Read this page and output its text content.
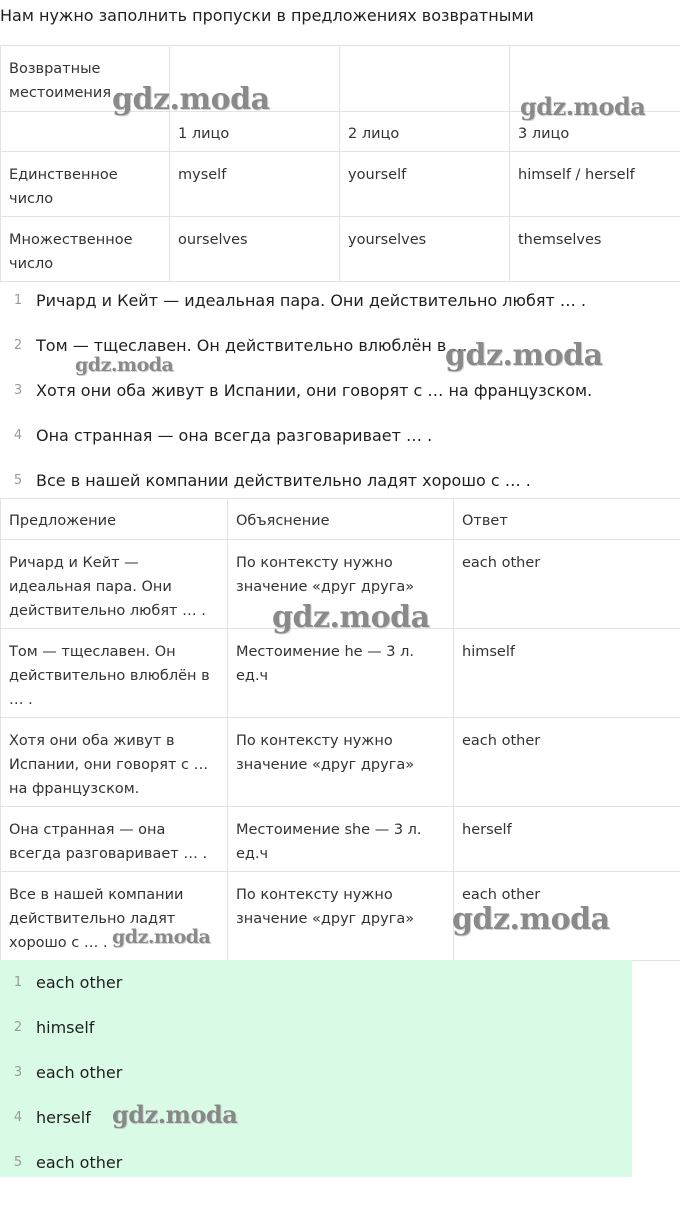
Нам нужно заполнить пропуски в предложениях возвратными
Возвратные местоимения			
	1 лицо	2 лицо	3 лицо
Единственное число	myself	yourself	himself / herself
Множественное число	ourselves	yourselves	themselves
1 Ричард и Кейт — идеальная пара. Они действительно любят … .
2 Том — тщеславен. Он действительно влюблён в … .
3 Хотя они оба живут в Испании, они говорят с … на французском.
4 Она странная — она всегда разговаривает … .
5 Все в нашей компании действительно ладят хорошо с … .
Предложение	Объяснение	Ответ
Ричард и Кейт — идеальная пара. Они действительно любят … .	По контексту нужно значение «друг друга»	each other
Том — тщеславен. Он действительно влюблён в … .	Местоимение he — 3 л. ед.ч	himself
Хотя они оба живут в Испании, они говорят с … на французском.	По контексту нужно значение «друг друга»	each other
Она странная — она всегда разговаривает … .	Местоимение she — 3 л. ед.ч	herself
Все в нашей компании действительно ладят хорошо с … .	По контексту нужно значение «друг друга»	each other
1 each other
2 himself
3 each other
4 herself
5 each other
gdz.moda	gdz.moda
gdz.moda
gdz.moda
gdz.moda
gdz.moda
gdz.moda
gdz.moda
